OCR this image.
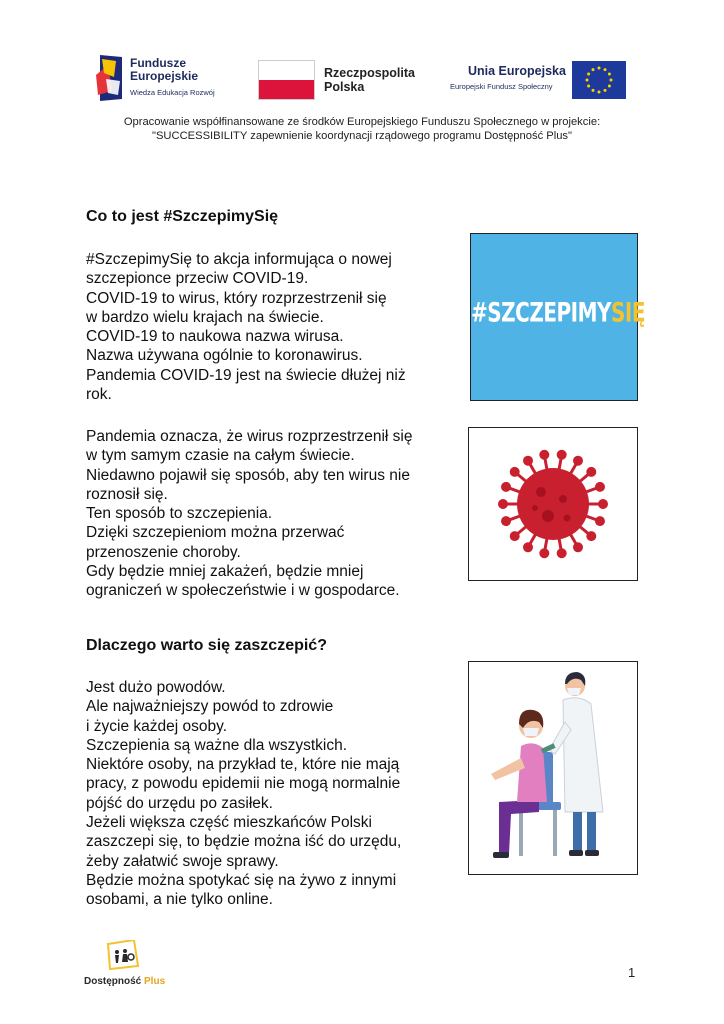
Fundusze
Europejskie
Wiedza Edukacja Rozwój
Rzeczpospolita
Polska
Unia Europejska
Europejski Fundusz Społeczny
Opracowanie współfinansowane ze środków Europejskiego Funduszu Społecznego w projekcie:
"SUCCESSIBILITY zapewnienie koordynacji rządowego programu Dostępność Plus"
Co to jest #SzczepimySię
#SzczepimySię to akcja informująca o nowej
szczepionce przeciw COVID-19.
COVID-19 to wirus, który rozprzestrzenił się
w bardzo wielu krajach na świecie.
COVID-19 to naukowa nazwa wirusa.
Nazwa używana ogólnie to koronawirus.
Pandemia COVID-19 jest na świecie dłużej niż
rok.
Pandemia oznacza, że wirus rozprzestrzenił się
w tym samym czasie na całym świecie.
Niedawno pojawił się sposób, aby ten wirus nie
roznosił się.
Ten sposób to szczepienia.
Dzięki szczepieniom można przerwać
przenoszenie choroby.
Gdy będzie mniej zakażeń, będzie mniej
ograniczeń w społeczeństwie i w gospodarce.
#SZCZEPIMYSIĘ
Dlaczego warto się zaszczepić?
Jest dużo powodów.
Ale najważniejszy powód to zdrowie
i życie każdej osoby.
Szczepienia są ważne dla wszystkich.
Niektóre osoby, na przykład te, które nie mają
pracy, z powodu epidemii nie mogą normalnie
pójść do urzędu po zasiłek.
Jeżeli większa część mieszkańców Polski
zaszczepi się, to będzie można iść do urzędu,
żeby załatwić swoje sprawy.
Będzie można spotykać się na żywo z innymi
osobami, a nie tylko online.
Dostępność Plus
1
